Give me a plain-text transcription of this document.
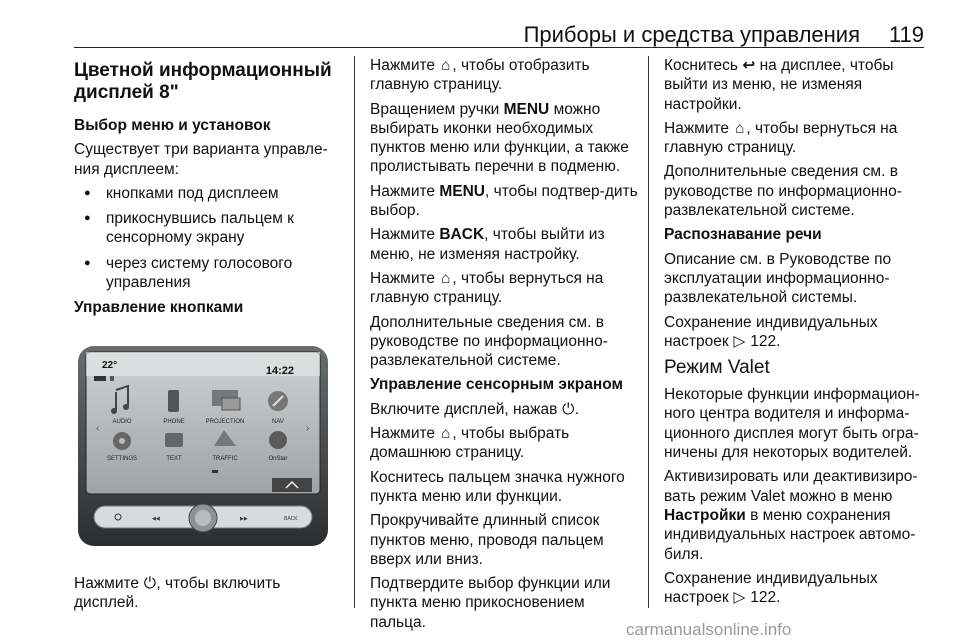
Приборы и средства управления 119
Цветной информационный дисплей 8"

Выбор меню и установок

Существует три варианта управле-ния дисплеем:

● кнопками под дисплеем
● прикоснувшись пальцем к сенсорному экрану
● через систему голосового управления

Управление кнопками

22°	14:22
‹	›
AUDIO	PHONE	PROJECTION	NAV
SETTINGS	TEXT	TRAFFIC	OnStar
◀◀	▶▶	BACK

Нажмите ⏻, чтобы включить дисплей.

Нажмите ⌂ , чтобы отобразить главную страницу.

Вращением ручки MENU можно выбирать иконки необходимых пунктов меню или функции, а также пролистывать перечни в подменю.

Нажмите MENU, чтобы подтвер-дить выбор.

Нажмите BACK, чтобы выйти из меню, не изменяя настройку.

Нажмите ⌂ , чтобы вернуться на главную страницу.

Дополнительные сведения см. в руководстве по информационно-развлекательной системе.

Управление сенсорным экраном

Включите дисплей, нажав ⏻.

Нажмите ⌂ , чтобы выбрать домашнюю страницу.

Коснитесь пальцем значка нужного пункта меню или функции.

Прокручивайте длинный список пунктов меню, проводя пальцем вверх или вниз.

Подтвердите выбор функции или пункта меню прикосновением пальца.

Коснитесь ↩ на дисплее, чтобы выйти из меню, не изменяя настройки.

Нажмите ⌂ , чтобы вернуться на главную страницу.

Дополнительные сведения см. в руководстве по информационно-развлекательной системе.

Распознавание речи

Описание см. в Руководстве по эксплуатации информационно-развлекательной системы.

Сохранение индивидуальных настроек ▷ 122.

Режим Valet

Некоторые функции информацион-ного центра водителя и информа-ционного дисплея могут быть огра-ничены для некоторых водителей.

Активизировать или деактивизиро-вать режим Valet можно в меню Настройки в меню сохранения индивидуальных настроек автомо-биля.

Сохранение индивидуальных настроек ▷ 122.

carmanualsonline.info
